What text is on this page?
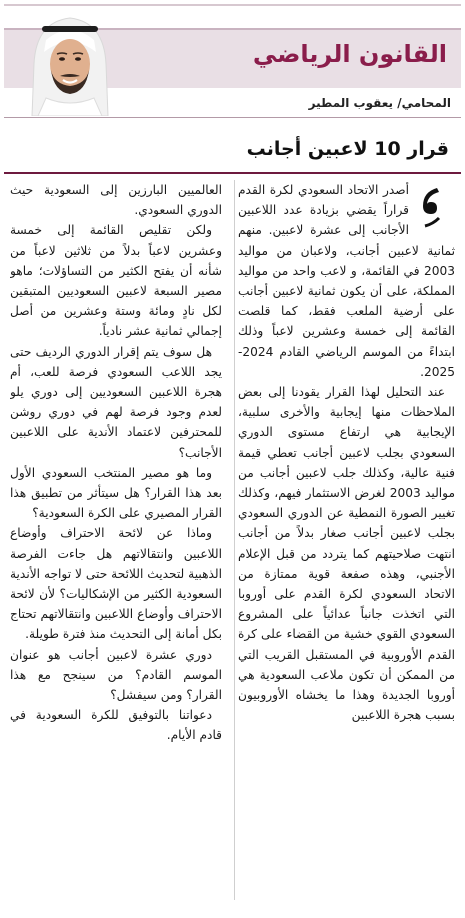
القانون الرياضي
المحامي/ يعقوب المطير
قرار 10 لاعبين أجانب

أصدر الاتحاد السعودي لكرة القدم قراراً يقضي بزيادة عدد اللاعبين الأجانب إلى عشرة لاعبين. منهم ثمانية لاعبين أجانب، ولاعبان من مواليد 2003 في القائمة، و لاعب واحد من مواليد المملكة، على أن يكون ثمانية لاعبين أجانب على أرضية الملعب فقط، كما قلصت القائمة إلى خمسة وعشرين لاعباً وذلك ابتداءً من الموسم الرياضي القادم 2024-2025.

عند التحليل لهذا القرار يقودنا إلى بعض الملاحظات منها إيجابية والأخرى سلبية، الإيجابية هي ارتفاع مستوى الدوري السعودي بجلب لاعبين أجانب تعطي قيمة فنية عالية، وكذلك جلب لاعبين أجانب من مواليد 2003 لغرض الاستثمار فيهم، وكذلك تغيير الصورة النمطية عن الدوري السعودي بجلب لاعبين أجانب صغار بدلاً من أجانب انتهت صلاحيتهم كما يتردد من قبل الإعلام الأجنبي، وهذه صفعة قوية ممتازة من الاتحاد السعودي لكرة القدم على أوروبا التي اتخذت جانباً عدائياً على المشروع السعودي القوي خشية من القضاء على كرة القدم الأوروبية في المستقبل القريب التي من الممكن أن تكون ملاعب السعودية هي أوروبا الجديدة وهذا ما يخشاه الأوروبيون بسبب هجرة اللاعبين

العالميين البارزين إلى السعودية حيث الدوري السعودي.

ولكن تقليص القائمة إلى خمسة وعشرين لاعباً بدلاً من ثلاثين لاعباً من شأنه أن يفتح الكثير من التساؤلات؛ ماهو مصير السبعة لاعبين السعوديين المتبقين لكل نادٍ ومائة وستة وعشرين من أصل إجمالي ثمانية عشر نادياً.

هل سوف يتم إقرار الدوري الرديف حتى يجد اللاعب السعودي فرصة للعب، أم هجرة اللاعبين السعوديين إلى دوري يلو لعدم وجود فرصة لهم في دوري روشن للمحترفين لاعتماد الأندية على اللاعبين الأجانب؟

وما هو مصير المنتخب السعودي الأول بعد هذا القرار؟ هل سيتأثر من تطبيق هذا القرار المصيري على الكرة السعودية؟

وماذا عن لائحة الاحتراف وأوضاع اللاعبين وانتقالاتهم هل جاءت الفرصة الذهبية لتحديث اللائحة حتى لا تواجه الأندية السعودية الكثير من الإشكاليات؟ لأن لائحة الاحتراف وأوضاع اللاعبين وانتقالاتهم تحتاج بكل أمانة إلى التحديث منذ فترة طويلة.

دوري عشرة لاعبين أجانب هو عنوان الموسم القادم؟ من سينجح مع هذا القرار؟ ومن سيفشل؟

دعواتنا بالتوفيق للكرة السعودية في قادم الأيام.
